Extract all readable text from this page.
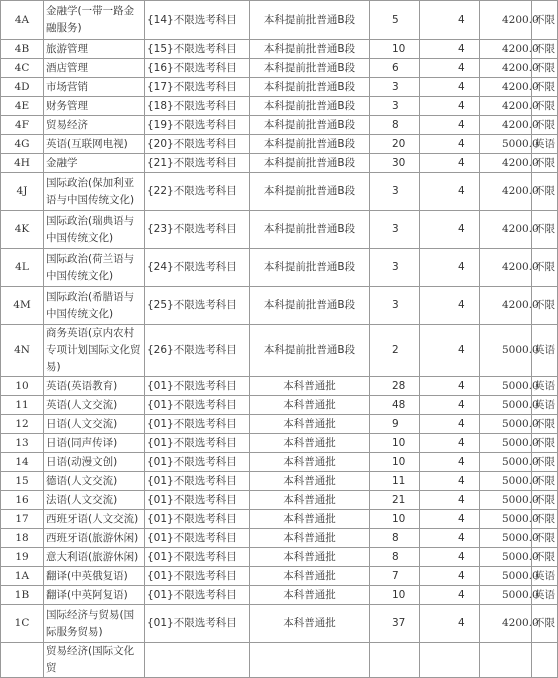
4A	金融学(一带一路金融服务)	{14}不限选考科目	本科提前批普通B段	5	4	4200.0	不限
4B	旅游管理	{15}不限选考科目	本科提前批普通B段	10	4	4200.0	不限
4C	酒店管理	{16}不限选考科目	本科提前批普通B段	6	4	4200.0	不限
4D	市场营销	{17}不限选考科目	本科提前批普通B段	3	4	4200.0	不限
4E	财务管理	{18}不限选考科目	本科提前批普通B段	3	4	4200.0	不限
4F	贸易经济	{19}不限选考科目	本科提前批普通B段	8	4	4200.0	不限
4G	英语(互联网电视)	{20}不限选考科目	本科提前批普通B段	20	4	5000.0	英语
4H	金融学	{21}不限选考科目	本科提前批普通B段	30	4	4200.0	不限
4J	国际政治(保加利亚语与中国传统文化)	{22}不限选考科目	本科提前批普通B段	3	4	4200.0	不限
4K	国际政治(瑞典语与中国传统文化)	{23}不限选考科目	本科提前批普通B段	3	4	4200.0	不限
4L	国际政治(荷兰语与中国传统文化)	{24}不限选考科目	本科提前批普通B段	3	4	4200.0	不限
4M	国际政治(希腊语与中国传统文化)	{25}不限选考科目	本科提前批普通B段	3	4	4200.0	不限
4N	商务英语(京内农村专项计划国际文化贸易)	{26}不限选考科目	本科提前批普通B段	2	4	5000.0	英语
10	英语(英语教育)	{01}不限选考科目	本科普通批	28	4	5000.0	英语
11	英语(人文交流)	{01}不限选考科目	本科普通批	48	4	5000.0	英语
12	日语(人文交流)	{01}不限选考科目	本科普通批	9	4	5000.0	不限
13	日语(同声传译)	{01}不限选考科目	本科普通批	10	4	5000.0	不限
14	日语(动漫文创)	{01}不限选考科目	本科普通批	10	4	5000.0	不限
15	德语(人文交流)	{01}不限选考科目	本科普通批	11	4	5000.0	不限
16	法语(人文交流)	{01}不限选考科目	本科普通批	21	4	5000.0	不限
17	西班牙语(人文交流)	{01}不限选考科目	本科普通批	10	4	5000.0	不限
18	西班牙语(旅游休闲)	{01}不限选考科目	本科普通批	8	4	5000.0	不限
19	意大利语(旅游休闲)	{01}不限选考科目	本科普通批	8	4	5000.0	不限
1A	翻译(中英俄复语)	{01}不限选考科目	本科普通批	7	4	5000.0	英语
1B	翻译(中英阿复语)	{01}不限选考科目	本科普通批	10	4	5000.0	英语
1C	国际经济与贸易(国际服务贸易)	{01}不限选考科目	本科普通批	37	4	4200.0	不限
	贸易经济(国际文化贸						
